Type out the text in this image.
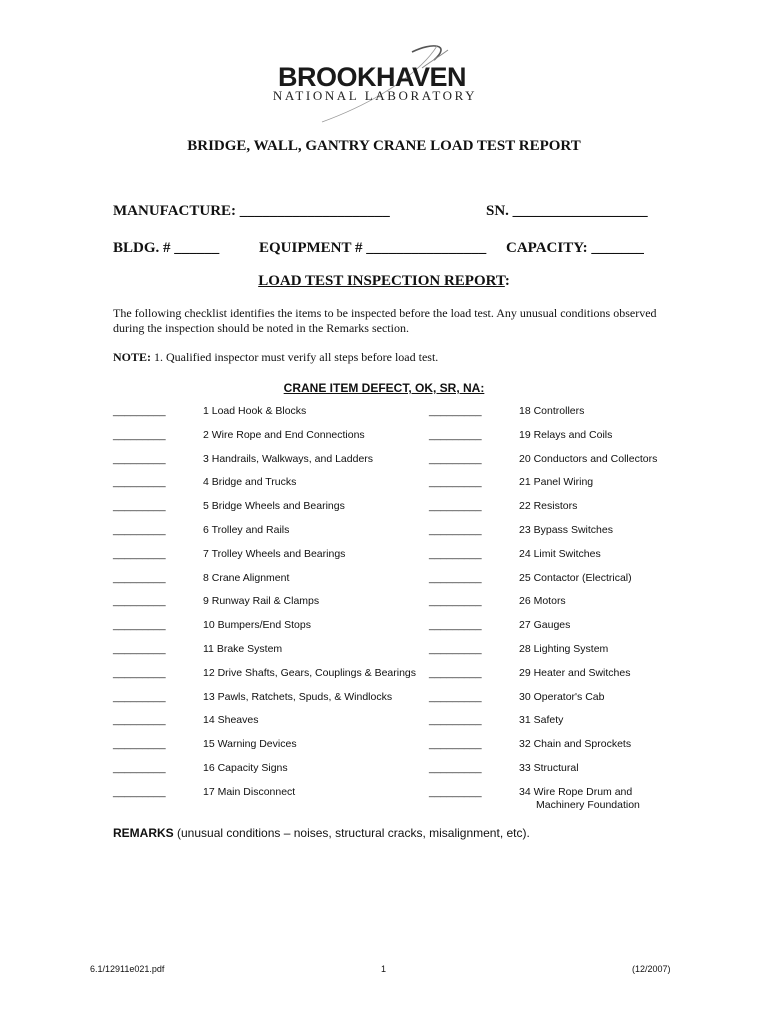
BROOKHAVEN
NATIONAL LABORATORY
BRIDGE, WALL, GANTRY CRANE LOAD TEST REPORT
MANUFACTURE: ____________________	SN. __________________
BLDG. # ______	EQUIPMENT # ________________ CAPACITY: _______
LOAD TEST INSPECTION REPORT:
The following checklist identifies the items to be inspected before the load test. Any unusual conditions observed during the inspection should be noted in the Remarks section.
NOTE: 1. Qualified inspector must verify all steps before load test.
CRANE ITEM DEFECT, OK, SR, NA:
_________	1 Load Hook & Blocks
_________	2 Wire Rope and End Connections
_________	3 Handrails, Walkways, and Ladders
_________	4 Bridge and Trucks
_________	5 Bridge Wheels and Bearings
_________	6 Trolley and Rails
_________	7 Trolley Wheels and Bearings
_________	8 Crane Alignment
_________	9 Runway Rail & Clamps
_________	10 Bumpers/End Stops
_________	11 Brake System
_________	12 Drive Shafts, Gears, Couplings & Bearings
_________	13 Pawls, Ratchets, Spuds, & Windlocks
_________	14 Sheaves
_________	15 Warning Devices
_________	16 Capacity Signs
_________	17 Main Disconnect
_________	18 Controllers
_________	19 Relays and Coils
_________	20 Conductors and Collectors
_________	21 Panel Wiring
_________	22 Resistors
_________	23 Bypass Switches
_________	24 Limit Switches
_________	25 Contactor (Electrical)
_________	26 Motors
_________	27 Gauges
_________	28 Lighting System
_________	29 Heater and Switches
_________	30 Operator's Cab
_________	31 Safety
_________	32 Chain and Sprockets
_________	33 Structural
_________	34 Wire Rope Drum and
Machinery Foundation
REMARKS (unusual conditions – noises, structural cracks, misalignment, etc).
6.1/12911e021.pdf	1	(12/2007)
